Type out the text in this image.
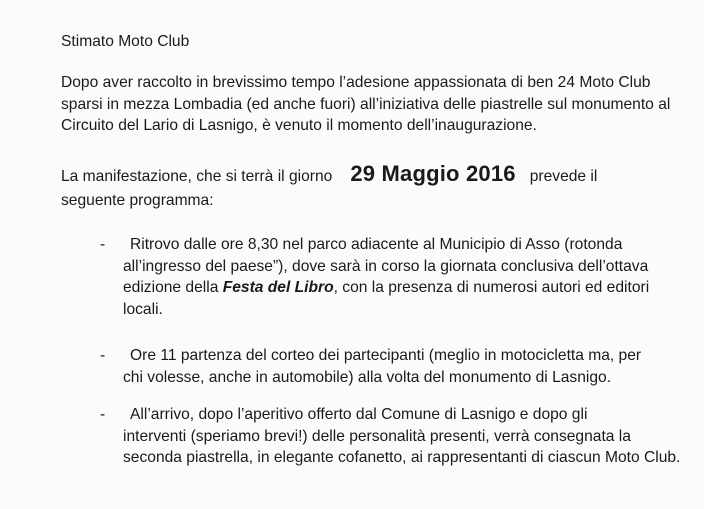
Stimato Moto Club

Dopo aver raccolto in brevissimo tempo l’adesione appassionata di ben 24 Moto Club sparsi in mezza Lombadia (ed anche fuori) all’iniziativa delle piastrelle sul monumento al Circuito del Lario di Lasnigo, è venuto il momento dell’inaugurazione.

La manifestazione, che si terrà il giorno 29 Maggio 2016 prevede il
seguente programma:

-	Ritrovo dalle ore 8,30 nel parco adiacente al Municipio di Asso (rotonda
all’ingresso del paese”), dove sarà in corso la giornata conclusiva dell’ottava edizione della Festa del Libro, con la presenza di numerosi autori ed editori locali.
-	Ore 11 partenza del corteo dei partecipanti (meglio in motocicletta ma, per
chi volesse, anche in automobile) alla volta del monumento di Lasnigo.
-	All’arrivo, dopo l’aperitivo offerto dal Comune di Lasnigo e dopo gli
interventi (speriamo brevi!) delle personalità presenti, verrà consegnata la seconda piastrella, in elegante cofanetto, ai rappresentanti di ciascun Moto Club.
